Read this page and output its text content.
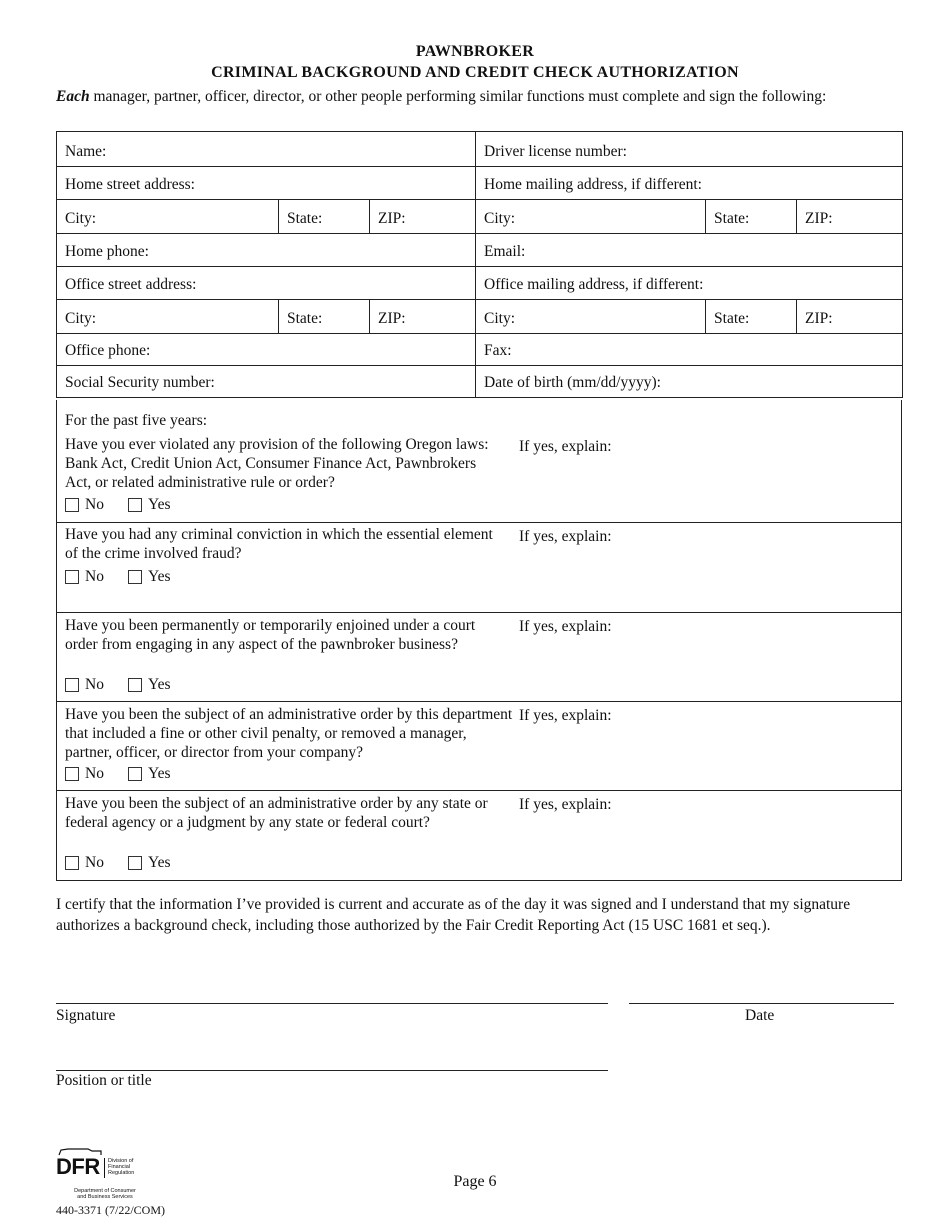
PAWNBROKER
CRIMINAL BACKGROUND AND CREDIT CHECK AUTHORIZATION
Each manager, partner, officer, director, or other people performing similar functions must complete and sign the following:
Name:			Driver license number:		
Home street address:			Home mailing address, if different:		
City:	State:	ZIP:	City:	State:	ZIP:
Home phone:			Email:		
Office street address:			Office mailing address, if different:		
City:	State:	ZIP:	City:	State:	ZIP:
Office phone:			Fax:		
Social Security number:			Date of birth (mm/dd/yyyy):		
For the past five years:
Have you ever violated any provision of the following Oregon laws: Bank Act, Credit Union Act, Consumer Finance Act, Pawnbrokers Act, or related administrative rule or order?
If yes, explain:
No	Yes
Have you had any criminal conviction in which the essential element of the crime involved fraud?
If yes, explain:
No	Yes
Have you been permanently or temporarily enjoined under a court order from engaging in any aspect of the pawnbroker business?
If yes, explain:
No	Yes
Have you been the subject of an administrative order by this department that included a fine or other civil penalty, or removed a manager, partner, officer, or director from your company?
If yes, explain:
No	Yes
Have you been the subject of an administrative order by any state or federal agency or a judgment by any state or federal court?
If yes, explain:
No	Yes
I certify that the information I’ve provided is current and accurate as of the day it was signed and I understand that my signature authorizes a background check, including those authorized by the Fair Credit Reporting Act (15 USC 1681 et seq.).
Signature	Date
Position or title
DFR Division of
Financial
Regulation
Department of Consumer
and Business Services
440-3371 (7/22/COM)
Page 6
